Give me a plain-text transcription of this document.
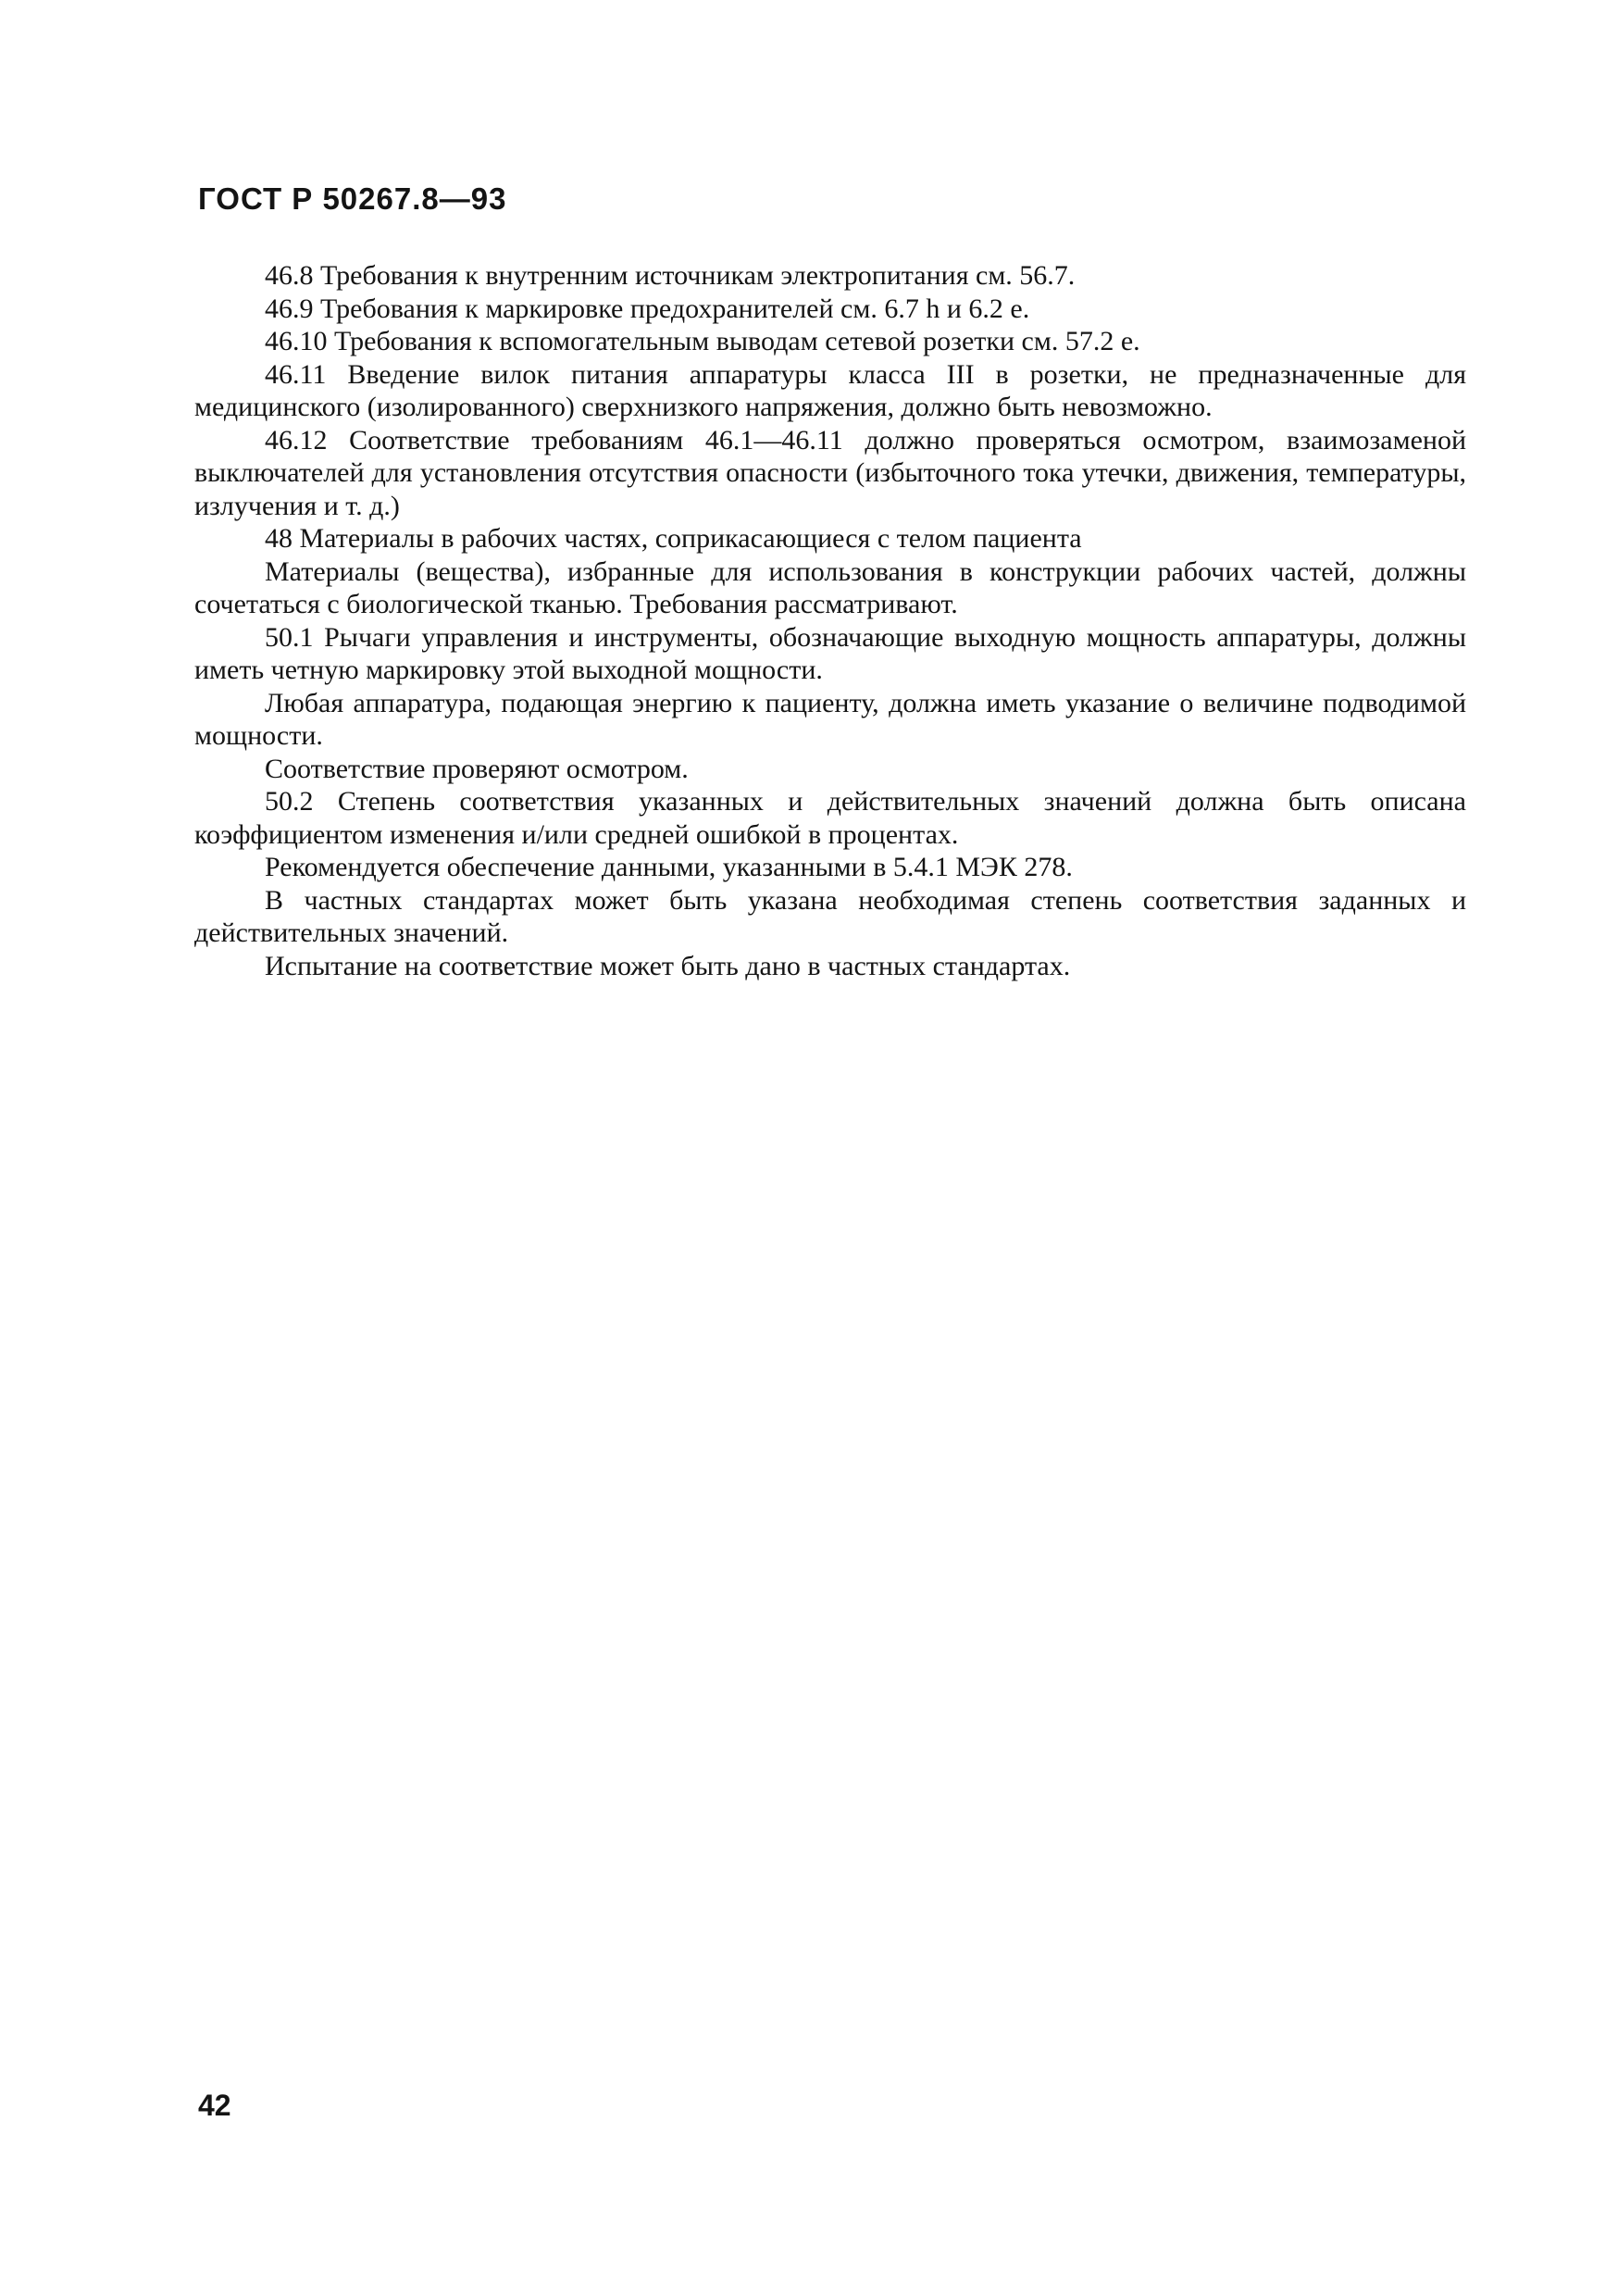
ГОСТ Р 50267.8—93

46.8 Требования к внутренним источникам электропитания см. 56.7.

46.9 Требования к маркировке предохранителей см. 6.7 h и 6.2 e.

46.10 Требования к вспомогательным выводам сетевой розетки см. 57.2 e.

46.11 Введение вилок питания аппаратуры класса III в розетки, не предназначенные для медицинского (изолированного) сверхнизкого напряжения, должно быть невозможно.

46.12 Соответствие требованиям 46.1—46.11 должно проверяться осмотром, взаимозаменой выключателей для установления отсутствия опасности (избыточного тока утечки, движения, температуры, излучения и т. д.)

48 Материалы в рабочих частях, соприкасающиеся с телом пациента

Материалы (вещества), избранные для использования в конструкции рабочих частей, должны сочетаться с биологической тканью. Требования рассматривают.

50.1 Рычаги управления и инструменты, обозначающие выходную мощность аппаратуры, должны иметь четную маркировку этой выходной мощности.

Любая аппаратура, подающая энергию к пациенту, должна иметь указание о величине подводимой мощности.

Соответствие проверяют осмотром.

50.2 Степень соответствия указанных и действительных значений должна быть описана коэффициентом изменения и/или средней ошибкой в процентах.

Рекомендуется обеспечение данными, указанными в 5.4.1 МЭК 278.

В частных стандартах может быть указана необходимая степень соответствия заданных и действительных значений.

Испытание на соответствие может быть дано в частных стандартах.

42
